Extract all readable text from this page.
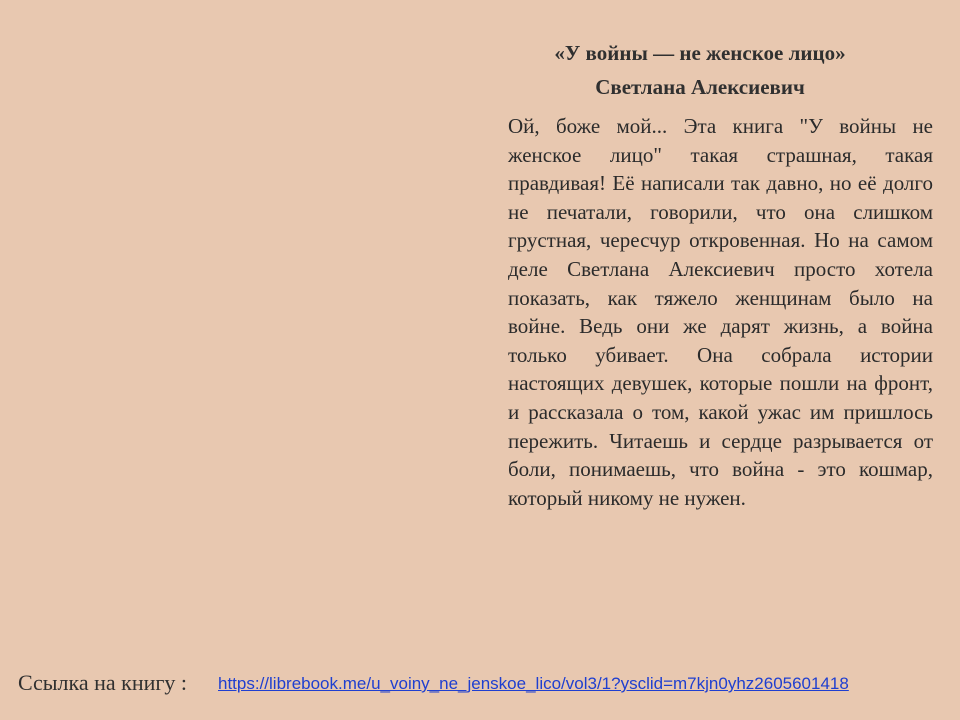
«У войны — не женское лицо»
Светлана Алексиевич

Ой, боже мой... Эта книга "У войны не женское лицо" такая страшная, такая правдивая! Её написали так давно, но её долго не печатали, говорили, что она слишком грустная, чересчур откровенная. Но на самом деле Светлана Алексиевич просто хотела показать, как тяжело женщинам было на войне. Ведь они же дарят жизнь, а война только убивает. Она собрала истории настоящих девушек, которые пошли на фронт, и рассказала о том, какой ужас им пришлось пережить. Читаешь и сердце разрывается от боли, понимаешь, что война - это кошмар, который никому не нужен.

Ссылка на книгу : https://librebook.me/u_voiny_ne_jenskoe_lico/vol3/1?ysclid=m7kjn0yhz2605601418
